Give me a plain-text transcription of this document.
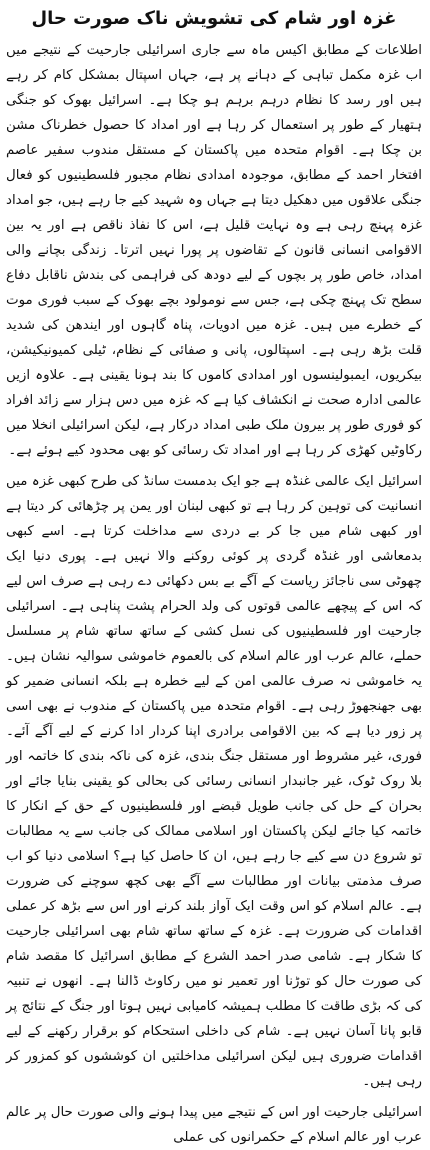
غزہ اور شام کی تشویش ناک صورت حال

اطلاعات کے مطابق اکیس ماہ سے جاری اسرائیلی جارحیت کے نتیجے میں اب غزہ مکمل تباہی کے دہانے پر ہے، جہاں اسپتال بمشکل کام کر رہے ہیں اور رسد کا نظام درہم برہم ہو چکا ہے۔ اسرائیل بھوک کو جنگی ہتھیار کے طور پر استعمال کر رہا ہے اور امداد کا حصول خطرناک مشن بن چکا ہے۔ اقوام متحدہ میں پاکستان کے مستقل مندوب سفیر عاصم افتخار احمد کے مطابق، موجودہ امدادی نظام مجبور فلسطینیوں کو فعال جنگی علاقوں میں دھکیل دیتا ہے جہاں وہ شہید کیے جا رہے ہیں، جو امداد غزہ پہنچ رہی ہے وہ نہایت قلیل ہے، اس کا نفاذ ناقص ہے اور یہ بین الاقوامی انسانی قانون کے تقاضوں پر پورا نہیں اترتا۔ زندگی بچانے والی امداد، خاص طور پر بچوں کے لیے دودھ کی فراہمی کی بندش ناقابل دفاع سطح تک پہنچ چکی ہے، جس سے نومولود بچے بھوک کے سبب فوری موت کے خطرے میں ہیں۔ غزہ میں ادویات، پناہ گاہوں اور ایندھن کی شدید قلت بڑھ رہی ہے۔ اسپتالوں، پانی و صفائی کے نظام، ٹیلی کمیونیکیشن، بیکریوں، ایمبولینسوں اور امدادی کاموں کا بند ہونا یقینی ہے۔ علاوہ ازیں عالمی ادارہ صحت نے انکشاف کیا ہے کہ غزہ میں دس ہزار سے زائد افراد کو فوری طور پر بیرون ملک طبی امداد درکار ہے، لیکن اسرائیلی انخلا میں رکاوٹیں کھڑی کر رہا ہے اور امداد تک رسائی کو بھی محدود کیے ہوئے ہے۔

اسرائیل ایک عالمی غنڈہ ہے جو ایک بدمست سانڈ کی طرح کبھی غزہ میں انسانیت کی توہین کر رہا ہے تو کبھی لبنان اور یمن پر چڑھائی کر دیتا ہے اور کبھی شام میں جا کر بے دردی سے مداخلت کرتا ہے۔ اسے کبھی بدمعاشی اور غنڈہ گردی پر کوئی روکنے والا نہیں ہے۔ پوری دنیا ایک چھوٹی سی ناجائز ریاست کے آگے بے بس دکھائی دے رہی ہے صرف اس لیے کہ اس کے پیچھے عالمی قوتوں کی ولد الحرام پشت پناہی ہے۔ اسرائیلی جارحیت اور فلسطینیوں کی نسل کشی کے ساتھ ساتھ شام پر مسلسل حملے، عالم عرب اور عالم اسلام کی بالعموم خاموشی سوالیہ نشان ہیں۔ یہ خاموشی نہ صرف عالمی امن کے لیے خطرہ ہے بلکہ انسانی ضمیر کو بھی جھنجھوڑ رہی ہے۔ اقوام متحدہ میں پاکستان کے مندوب نے بھی اسی پر زور دیا ہے کہ بین الاقوامی برادری اپنا کردار ادا کرنے کے لیے آگے آئے۔ فوری، غیر مشروط اور مستقل جنگ بندی، غزہ کی ناکہ بندی کا خاتمہ اور بلا روک ٹوک، غیر جانبدار انسانی رسائی کی بحالی کو یقینی بنایا جائے اور بحران کے حل کی جانب طویل قبضے اور فلسطینیوں کے حق کے انکار کا خاتمہ کیا جائے لیکن پاکستان اور اسلامی ممالک کی جانب سے یہ مطالبات تو شروع دن سے کیے جا رہے ہیں، ان کا حاصل کیا ہے؟ اسلامی دنیا کو اب صرف مذمتی بیانات اور مطالبات سے آگے بھی کچھ سوچنے کی ضرورت ہے۔ عالم اسلام کو اس وقت ایک آواز بلند کرنے اور اس سے بڑھ کر عملی اقدامات کی ضرورت ہے۔ غزہ کے ساتھ ساتھ شام بھی اسرائیلی جارحیت کا شکار ہے۔ شامی صدر احمد الشرع کے مطابق اسرائیل کا مقصد شام کی صورت حال کو توڑنا اور تعمیر نو میں رکاوٹ ڈالنا ہے۔ انھوں نے تنبیہ کی کہ بڑی طاقت کا مطلب ہمیشہ کامیابی نہیں ہوتا اور جنگ کے نتائج پر قابو پانا آسان نہیں ہے۔ شام کی داخلی استحکام کو برقرار رکھنے کے لیے اقدامات ضروری ہیں لیکن اسرائیلی مداخلتیں ان کوششوں کو کمزور کر رہی ہیں۔

اسرائیلی جارحیت اور اس کے نتیجے میں پیدا ہونے والی صورت حال پر عالم عرب اور عالم اسلام کے حکمرانوں کی عملی
